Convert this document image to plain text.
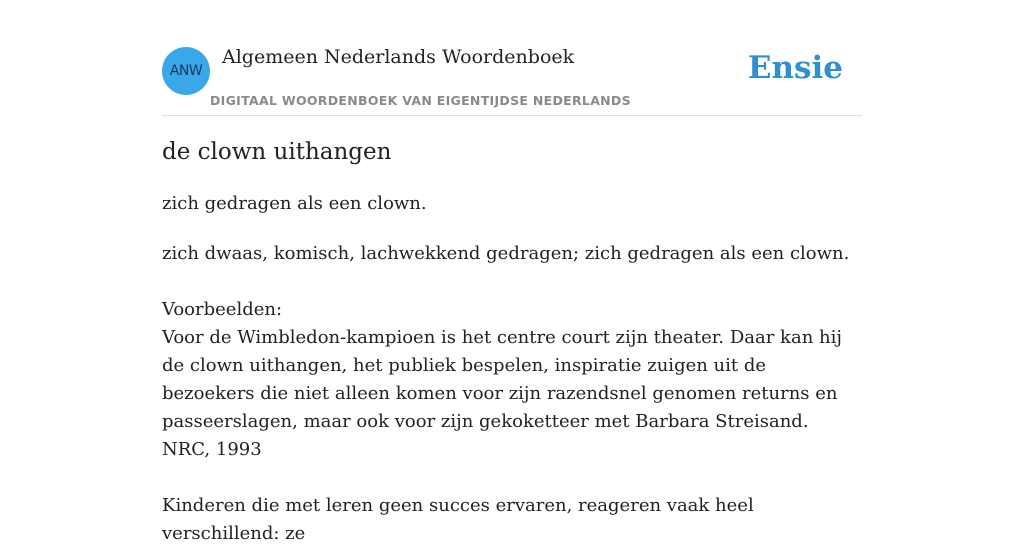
ANW
Algemeen Nederlands Woordenboek
DIGITAAL WOORDENBOEK VAN EIGENTIJDSE NEDERLANDS
Ensie
de clown uithangen
zich gedragen als een clown.

zich dwaas, komisch, lachwekkend gedragen; zich gedragen als een clown.

Voorbeelden:

Voor de Wimbledon-kampioen is het centre court zijn theater. Daar kan hij de clown uithangen, het publiek bespelen, inspiratie zuigen uit de bezoekers die niet alleen komen voor zijn razendsnel genomen returns en passeerslagen, maar ook voor zijn gekoketteer met Barbara Streisand.

NRC, 1993

Kinderen die met leren geen succes ervaren, reageren vaak heel verschillend: ze
